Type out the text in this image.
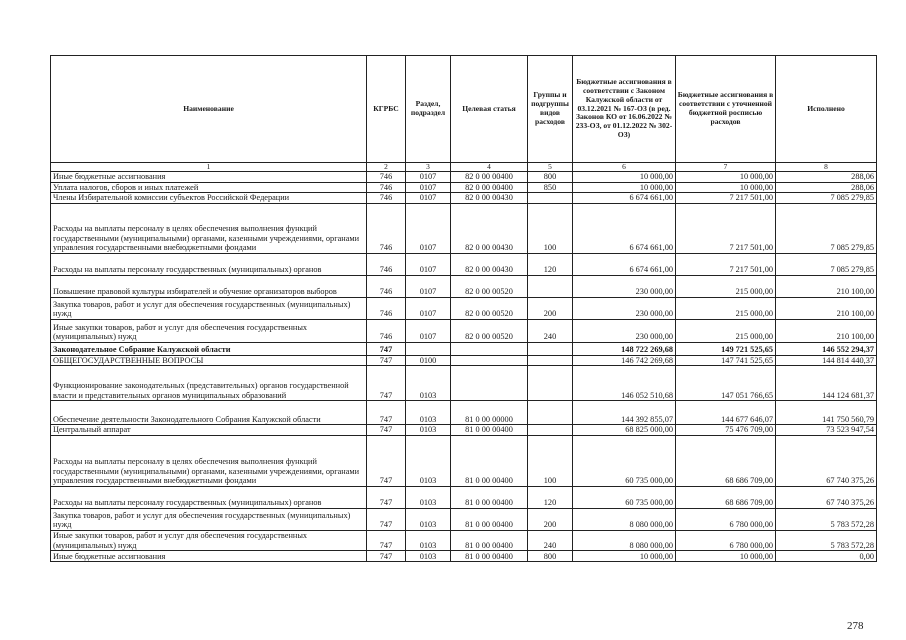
Наименование	КГРБС	Раздел, подраздел	Целевая статья	Группы и подгруппы видов расходов	Бюджетные ассигнования в соответствии с Законом Калужской области от 03.12.2021 № 167-ОЗ (в ред. Законов КО от 16.06.2022 № 233-ОЗ, от 01.12.2022 № 302-ОЗ)	Бюджетные ассигнования в соответствии с уточненной бюджетной росписью расходов	Исполнено
1	2	3	4	5	6	7	8
Иные бюджетные ассигнования	746	0107	82 0 00 00400	800	10 000,00	10 000,00	288,06
Уплата налогов, сборов и иных платежей	746	0107	82 0 00 00400	850	10 000,00	10 000,00	288,06
Члены Избирательной комиссии субъектов Российской Федерации	746	0107	82 0 00 00430		6 674 661,00	7 217 501,00	7 085 279,85
Расходы на выплаты персоналу в целях обеспечения выполнения функций государственными (муниципальными) органами, казенными учреждениями, органами управления государственными внебюджетными фондами	746	0107	82 0 00 00430	100	6 674 661,00	7 217 501,00	7 085 279,85
Расходы на выплаты персоналу государственных (муниципальных) органов	746	0107	82 0 00 00430	120	6 674 661,00	7 217 501,00	7 085 279,85
Повышение правовой культуры избирателей и обучение организаторов выборов	746	0107	82 0 00 00520		230 000,00	215 000,00	210 100,00
Закупка товаров, работ и услуг для обеспечения государственных (муниципальных) нужд	746	0107	82 0 00 00520	200	230 000,00	215 000,00	210 100,00
Иные закупки товаров, работ и услуг для обеспечения государственных (муниципальных) нужд	746	0107	82 0 00 00520	240	230 000,00	215 000,00	210 100,00
Законодательное Собрание Калужской области	747				148 722 269,68	149 721 525,65	146 552 294,37
ОБЩЕГОСУДАРСТВЕННЫЕ ВОПРОСЫ	747	0100			146 742 269,68	147 741 525,65	144 814 440,37
Функционирование законодательных (представительных) органов государственной власти и представительных органов муниципальных образований	747	0103			146 052 510,68	147 051 766,65	144 124 681,37
Обеспечение деятельности Законодательного Собрания Калужской области	747	0103	81 0 00 00000		144 392 855,07	144 677 646,07	141 750 560,79
Центральный аппарат	747	0103	81 0 00 00400		68 825 000,00	75 476 709,00	73 523 947,54
Расходы на выплаты персоналу в целях обеспечения выполнения функций государственными (муниципальными) органами, казенными учреждениями, органами управления государственными внебюджетными фондами	747	0103	81 0 00 00400	100	60 735 000,00	68 686 709,00	67 740 375,26
Расходы на выплаты персоналу государственных (муниципальных) органов	747	0103	81 0 00 00400	120	60 735 000,00	68 686 709,00	67 740 375,26
Закупка товаров, работ и услуг для обеспечения государственных (муниципальных) нужд	747	0103	81 0 00 00400	200	8 080 000,00	6 780 000,00	5 783 572,28
Иные закупки товаров, работ и услуг для обеспечения государственных (муниципальных) нужд	747	0103	81 0 00 00400	240	8 080 000,00	6 780 000,00	5 783 572,28
Иные бюджетные ассигнования	747	0103	81 0 00 00400	800	10 000,00	10 000,00	0,00
278
